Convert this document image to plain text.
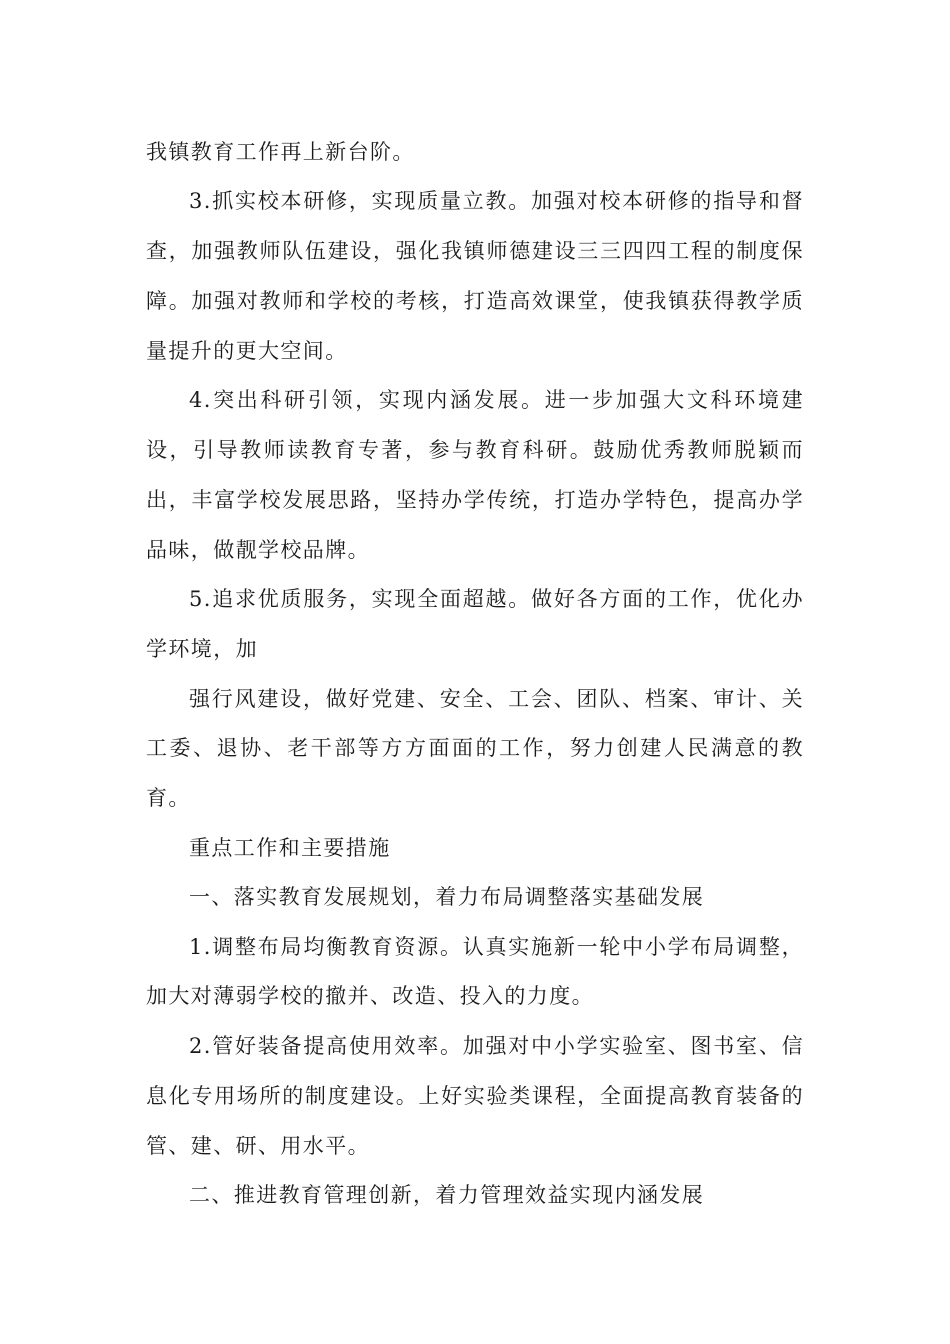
我镇教育工作再上新台阶。
3.抓实校本研修，实现质量立教。加强对校本研修的指导和督
查，加强教师队伍建设，强化我镇师德建设三三四四工程的制度保
障。加强对教师和学校的考核，打造高效课堂，使我镇获得教学质
量提升的更大空间。
4.突出科研引领，实现内涵发展。进一步加强大文科环境建
设，引导教师读教育专著，参与教育科研。鼓励优秀教师脱颖而
出，丰富学校发展思路，坚持办学传统，打造办学特色，提高办学
品味，做靓学校品牌。
5.追求优质服务，实现全面超越。做好各方面的工作，优化办
学环境，加
强行风建设，做好党建、安全、工会、团队、档案、审计、关
工委、退协、老干部等方方面面的工作，努力创建人民满意的教
育。
重点工作和主要措施
一、落实教育发展规划，着力布局调整落实基础发展
1.调整布局均衡教育资源。认真实施新一轮中小学布局调整，
加大对薄弱学校的撤并、改造、投入的力度。
2.管好装备提高使用效率。加强对中小学实验室、图书室、信
息化专用场所的制度建设。上好实验类课程，全面提高教育装备的
管、建、研、用水平。
二、推进教育管理创新，着力管理效益实现内涵发展
